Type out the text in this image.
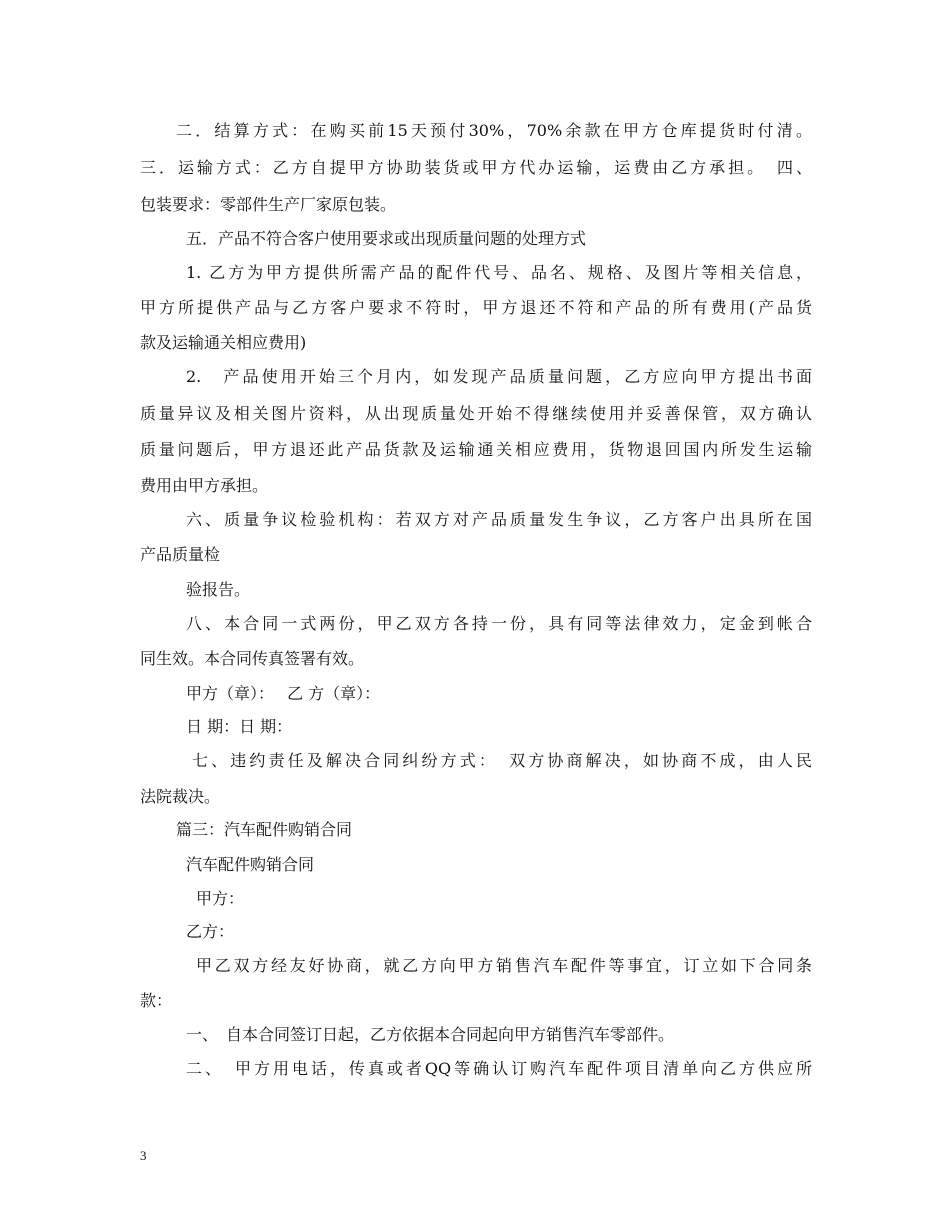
二．结算方式：在购买前15天预付30%，70%余款在甲方仓库提货时付清。
三．运输方式：乙方自提甲方协助装货或甲方代办运输，运费由乙方承担。　四、
包装要求：零部件生产厂家原包装。
五．产品不符合客户使用要求或出现质量问题的处理方式
1. 乙方为甲方提供所需产品的配件代号、品名、规格、及图片等相关信息，
甲方所提供产品与乙方客户要求不符时，甲方退还不符和产品的所有费用(产品货
款及运输通关相应费用)
2.　产品使用开始三个月内，如发现产品质量问题，乙方应向甲方提出书面
质量异议及相关图片资料，从出现质量处开始不得继续使用并妥善保管，双方确认
质量问题后，甲方退还此产品货款及运输通关相应费用，货物退回国内所发生运输
费用由甲方承担。
六、质量争议检验机构：若双方对产品质量发生争议，乙方客户出具所在国
产品质量检
验报告。
八、本合同一式两份，甲乙双方各持一份，具有同等法律效力，定金到帐合
同生效。本合同传真签署有效。
甲方（章）：　 乙 方（章）：
日 期：日 期：
七、违约责任及解决合同纠纷方式：　双方协商解决，如协商不成，由人民
法院裁决。
篇三：汽车配件购销合同
汽车配件购销合同
甲方：
乙方：
甲乙双方经友好协商，就乙方向甲方销售汽车配件等事宜，订立如下合同条
款：
一、　自本合同签订日起，乙方依据本合同起向甲方销售汽车零部件。
二、　甲方用电话，传真或者QQ等确认订购汽车配件项目清单向乙方供应所
3
